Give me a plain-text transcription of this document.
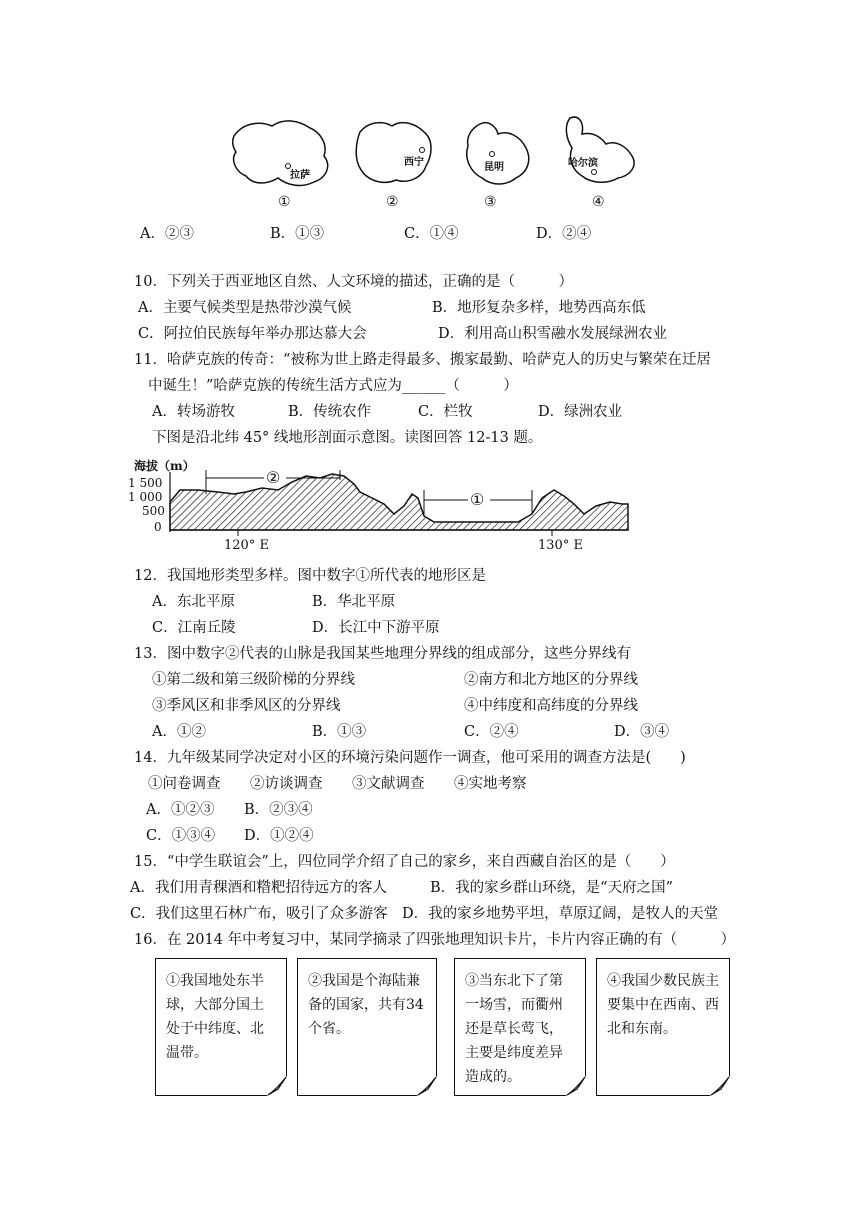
拉萨
①
西宁
②
昆明
③
哈尔滨
④
A．②③	B．①③	C．①④	D．②④
10．下列关于西亚地区自然、人文环境的描述，正确的是（　　　）
A．主要气候类型是热带沙漠气候	B．地形复杂多样，地势西高东低
C．阿拉伯民族每年举办那达慕大会	D．利用高山积雪融水发展绿洲农业
11．哈萨克族的传奇：“被称为世上路走得最多、搬家最勤、哈萨克人的历史与繁荣在迁居
中诞生！”哈萨克族的传统生活方式应为______（　　　）
A．转场游牧	B．传统农作	C．栏牧	D．绿洲农业
下图是沿北纬 45° 线地形剖面示意图。读图回答 12-13 题。
海拔（m）
1 500
1 000
500
0
②
①
120° E	130° E
12．我国地形类型多样。图中数字①所代表的地形区是
A．东北平原	B．华北平原
C．江南丘陵	D．长江中下游平原
13．图中数字②代表的山脉是我国某些地理分界线的组成部分，这些分界线有
①第二级和第三级阶梯的分界线	②南方和北方地区的分界线
③季风区和非季风区的分界线	④中纬度和高纬度的分界线
A．①②	B．①③	C．②④	D．③④
14．九年级某同学决定对小区的环境污染问题作一调查，他可采用的调查方法是(　　)
①问卷调查 ②访谈调查 ③文献调查 ④实地考察
A．①②③ B．②③④
C．①③④ D．①②④
15．“中学生联谊会”上，四位同学介绍了自己的家乡，来自西藏自治区的是（　　）
A．我们用青稞酒和糌粑招待远方的客人	B．我的家乡群山环绕，是“天府之国”
C．我们这里石林广布，吸引了众多游客 D．我的家乡地势平坦，草原辽阔，是牧人的天堂
16．在 2014 年中考复习中，某同学摘录了四张地理知识卡片，卡片内容正确的有（　　　）
①我国地处东半球，大部分国土处于中纬度、北温带。
②我国是个海陆兼备的国家，共有34 个省。
③当东北下了第一场雪，而衢州还是草长莺飞，主要是纬度差异造成的。
④我国少数民族主要集中在西南、西北和东南。
